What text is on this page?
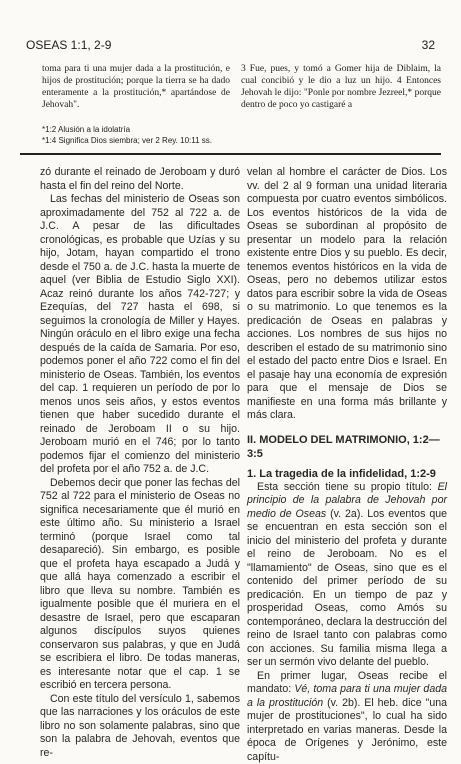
OSEAS 1:1, 2-9	32

toma para ti una mujer dada a la prostitución, e hijos de prostitución; porque la tierra se ha dado enteramente a la prostitución,* apartándose de Jehovah".

3 Fue, pues, y tomó a Gomer hija de Diblaim, la cual concibió y le dio a luz un hijo. 4 Entonces Jehovah le dijo: "Ponle por nombre Jezreel,* porque dentro de poco yo castigaré a

*1:2 Alusión a la idolatría

*1:4 Significa Dios siembra; ver 2 Rey. 10:11 ss.

zó durante el reinado de Jeroboam y duró hasta el fin del reino del Norte.

Las fechas del ministerio de Oseas son aproximadamente del 752 al 722 a. de J.C. A pesar de las dificultades cronológicas, es probable que Uzías y su hijo, Jotam, hayan compartido el trono desde el 750 a. de J.C. hasta la muerte de aquel (ver Biblia de Estudio Siglo XXI). Acaz reinó durante los años 742-727; y Ezequías, del 727 hasta el 698, si seguimos la cronología de Miller y Hayes. Ningún oráculo en el libro exige una fecha después de la caída de Samaria. Por eso, podemos poner el año 722 como el fin del ministerio de Oseas. También, los eventos del cap. 1 requieren un período de por lo menos unos seis años, y estos eventos tienen que haber sucedido durante el reinado de Jeroboam II o su hijo. Jeroboam murió en el 746; por lo tanto podemos fijar el comienzo del ministerio del profeta por el año 752 a. de J.C.

Debemos decir que poner las fechas del 752 al 722 para el ministerio de Oseas no significa necesariamente que él murió en este último año. Su ministerio a Israel terminó (porque Israel como tal desapareció). Sin embargo, es posible que el profeta haya escapado a Judá y que allá haya comenzado a escribir el libro que lleva su nombre. También es igualmente posible que él muriera en el desastre de Israel, pero que escaparan algunos discípulos suyos quienes conservaron sus palabras, y que en Judá se escribiera el libro. De todas maneras, es interesante notar que el cap. 1 se escribió en tercera persona.

Con este título del versículo 1, sabemos que las narraciones y los oráculos de este libro no son solamente palabras, sino que son la palabra de Jehovah, eventos que re-

velan al hombre el carácter de Dios. Los vv. del 2 al 9 forman una unidad literaria compuesta por cuatro eventos simbólicos. Los eventos históricos de la vida de Oseas se subordinan al propósito de presentar un modelo para la relación existente entre Dios y su pueblo. Es decir, tenemos eventos históricos en la vida de Oseas, pero no debemos utilizar estos datos para escribir sobre la vida de Oseas o su matrimonio. Lo que tenemos es la predicación de Oseas en palabras y acciones. Los nombres de sus hijos no describen el estado de su matrimonio sino el estado del pacto entre Dios e Israel. En el pasaje hay una economía de expresión para que el mensaje de Dios se manifieste en una forma más brillante y más clara.

II. MODELO DEL MATRIMONIO, 1:2—3:5
1. La tragedia de la infidelidad, 1:2-9

Esta sección tiene su propio título: El principio de la palabra de Jehovah por medio de Oseas (v. 2a). Los eventos que se encuentran en esta sección son el inicio del ministerio del profeta y durante el reino de Jeroboam. No es el "llamamiento" de Oseas, sino que es el contenido del primer período de su predicación. En un tiempo de paz y prosperidad Oseas, como Amós su contemporáneo, declara la destrucción del reino de Israel tanto con palabras como con acciones. Su familia misma llega a ser un sermón vivo delante del pueblo.

En primer lugar, Oseas recibe el mandato: Vé, toma para ti una mujer dada a la prostitución (v. 2b). El heb. dice "una mujer de prostituciones", lo cual ha sido interpretado en varias maneras. Desde la época de Orígenes y Jerónimo, este capítu-
